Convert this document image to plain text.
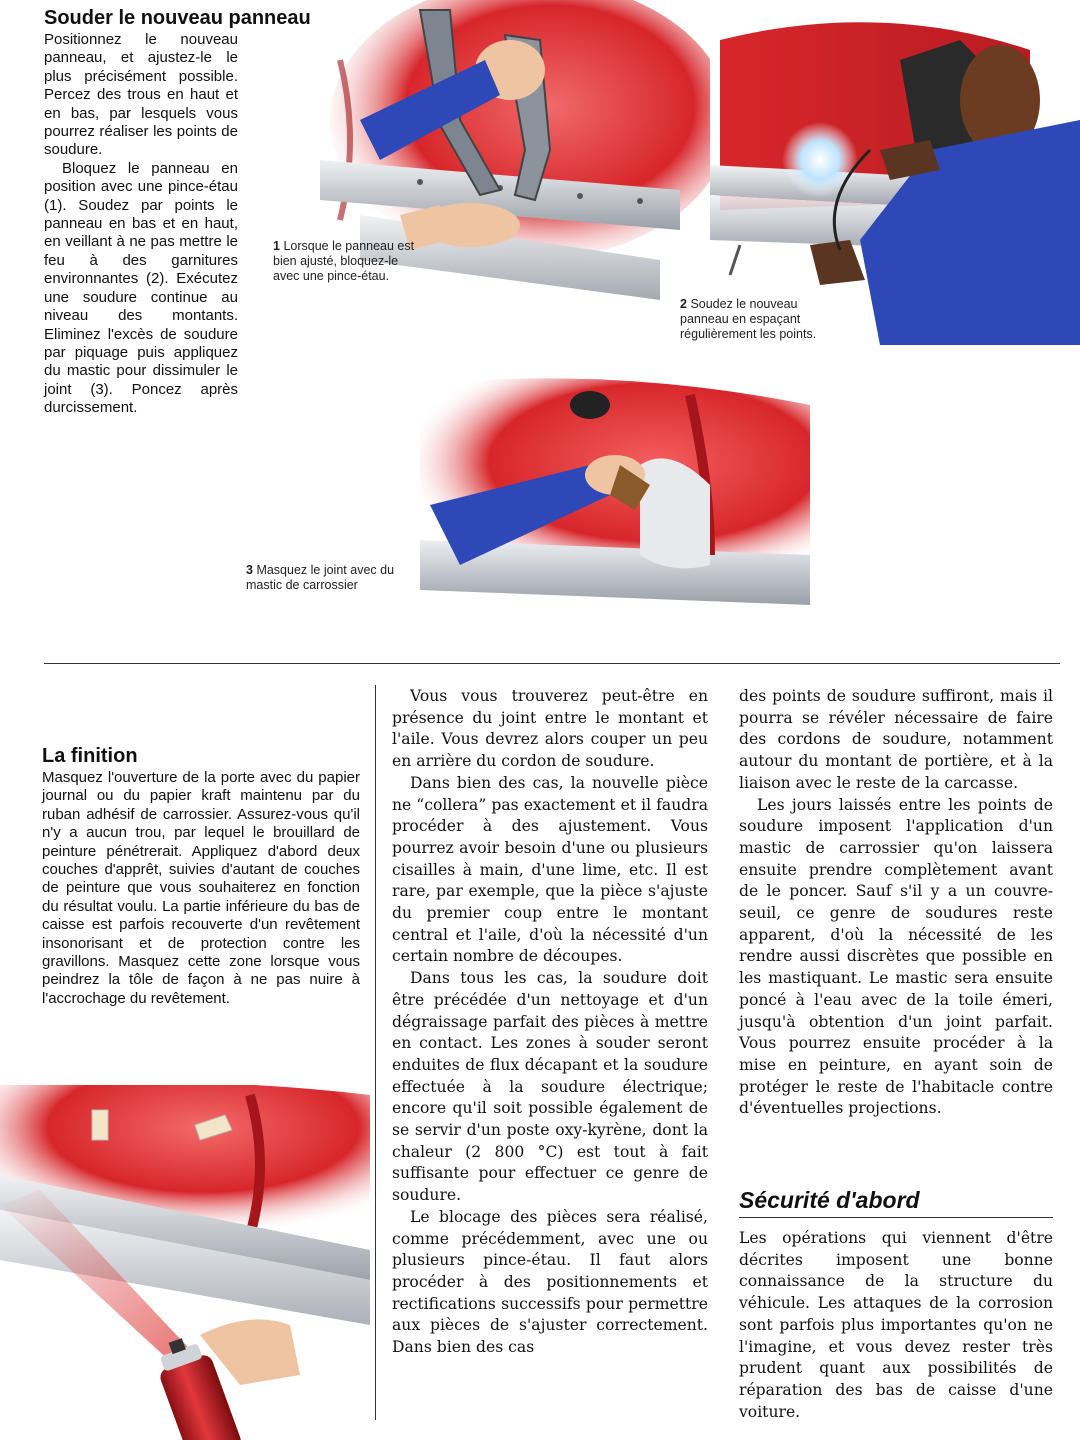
Souder le nouveau panneau

Positionnez le nouveau panneau, et ajustez-le le plus précisément possible. Percez des trous en haut et en bas, par lesquels vous pourrez réaliser les points de soudure.

Bloquez le panneau en position avec une pince-étau (1). Soudez par points le panneau en bas et en haut, en veillant à ne pas mettre le feu à des garnitures environnantes (2). Exécutez une soudure continue au niveau des montants. Eliminez l'excès de soudure par piquage puis appliquez du mastic pour dissimuler le joint (3). Poncez après durcissement.

1 Lorsque le panneau est bien ajusté, bloquez-le avec une pince-étau.
2 Soudez le nouveau panneau en espaçant régulièrement les points.
3 Masquez le joint avec du mastic de carrossier
La finition

Masquez l'ouverture de la porte avec du papier journal ou du papier kraft maintenu par du ruban adhésif de carrossier. Assurez-vous qu'il n'y a aucun trou, par lequel le brouillard de peinture pénétrerait. Appliquez d'abord deux couches d'apprêt, suivies d'autant de couches de peinture que vous souhaiterez en fonction du résultat voulu. La partie inférieure du bas de caisse est parfois recouverte d'un revêtement insonorisant et de protection contre les gravillons. Masquez cette zone lorsque vous peindrez la tôle de façon à ne pas nuire à l'accrochage du revêtement.

Vous vous trouverez peut-être en présence du joint entre le montant et l'aile. Vous devrez alors couper un peu en arrière du cordon de soudure.

Dans bien des cas, la nouvelle pièce ne “collera” pas exactement et il faudra procéder à des ajustement. Vous pourrez avoir besoin d'une ou plusieurs cisailles à main, d'une lime, etc. Il est rare, par exemple, que la pièce s'ajuste du premier coup entre le montant central et l'aile, d'où la nécessité d'un certain nombre de découpes.

Dans tous les cas, la soudure doit être précédée d'un nettoyage et d'un dégraissage parfait des pièces à mettre en contact. Les zones à souder seront enduites de flux décapant et la soudure effectuée à la soudure électrique; encore qu'il soit possible également de se servir d'un poste oxy-kyrène, dont la chaleur (2 800 °C) est tout à fait suffisante pour effectuer ce genre de soudure.

Le blocage des pièces sera réalisé, comme précédemment, avec une ou plusieurs pince-étau. Il faut alors procéder à des positionnements et rectifications successifs pour permettre aux pièces de s'ajuster correctement. Dans bien des cas

des points de soudure suffiront, mais il pourra se révéler nécessaire de faire des cordons de soudure, notamment autour du montant de portière, et à la liaison avec le reste de la carcasse.

Les jours laissés entre les points de soudure imposent l'application d'un mastic de carrossier qu'on laissera ensuite prendre complètement avant de le poncer. Sauf s'il y a un couvre-seuil, ce genre de soudures reste apparent, d'où la nécessité de les rendre aussi discrètes que possible en les mastiquant. Le mastic sera ensuite poncé à l'eau avec de la toile émeri, jusqu'à obtention d'un joint parfait. Vous pourrez ensuite procéder à la mise en peinture, en ayant soin de protéger le reste de l'habitacle contre d'éventuelles projections.

Sécurité d'abord

Les opérations qui viennent d'être décrites imposent une bonne connaissance de la structure du véhicule. Les attaques de la corrosion sont parfois plus importantes qu'on ne l'imagine, et vous devez rester très prudent quant aux possibilités de réparation des bas de caisse d'une voiture.
